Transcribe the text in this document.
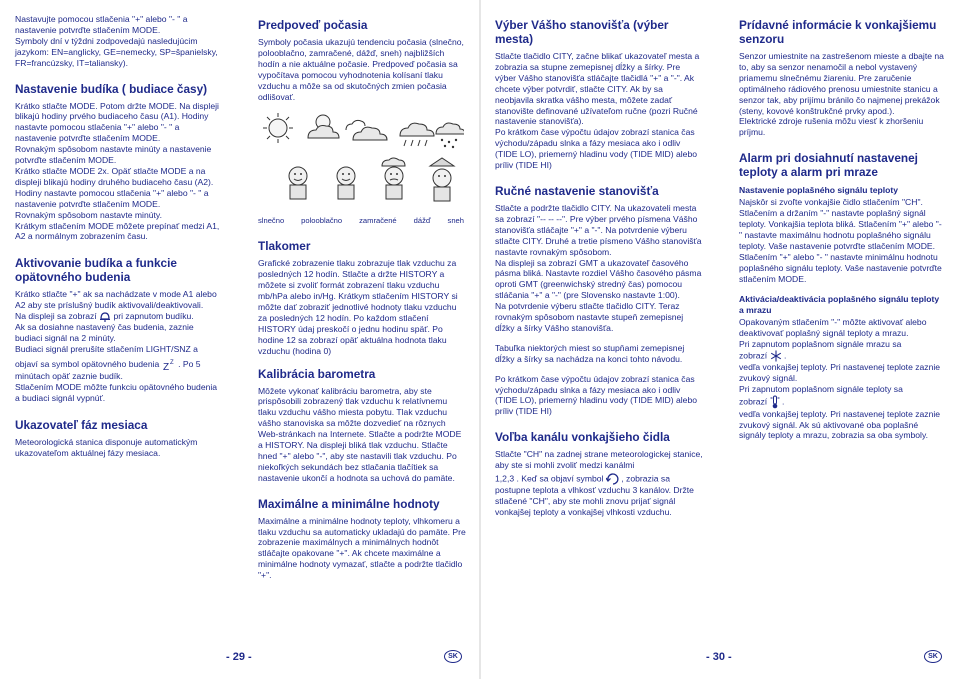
Nastavujte pomocou stlačenia "+" alebo "- " a nastavenie potvrďte stlačením MODE.

Symboly dní v týždni zodpovedajú nasledujúcim jazykom: EN=anglicky, GE=nemecky, SP=španielsky, FR=francúzsky, IT=taliansky).

Nastavenie budíka ( budiace časy)

Krátko stlačte MODE. Potom držte MODE. Na displeji blikajú hodiny prvého budiaceho času (A1). Hodiny nastavte pomocou stlačenia "+" alebo "- " a nastavenie potvrďte stlačením MODE.

Rovnakým spôsobom nastavte minúty a nastavenie potvrďte stlačením MODE.

Krátko stlačte MODE 2x. Opäť stlačte MODE a na displeji blikajú hodiny druhého budiaceho času (A2). Hodiny nastavte pomocou stlačenia "+" alebo "- " a nastavenie potvrďte stlačením MODE.

Rovnakým spôsobom nastavte minúty.

Krátkym stlačením MODE môžete prepínať medzi A1, A2 a normálnym zobrazením času.

Aktivovanie budíka a funkcie opätovného budenia

Krátko stlačte "+" ak sa nachádzate v mode A1 alebo A2 aby ste príslušný budík aktivovali/deaktivovali.

Na displeji sa zobrazí pri zapnutom budíku.

Ak sa dosiahne nastavený čas budenia, zaznie budiaci signál na 2 minúty.

Budiaci signál prerušíte stlačením LIGHT/SNZ a

objaví sa symbol opätovného budenia Z Z . Po 5 minútach opäť zaznie budík.

Stlačením MODE môžte funkciu opätovného budenia a budiaci signál vypnúť.

Ukazovateľ fáz mesiaca

Meteorologická stanica disponuje automatickým ukazovateľom aktuálnej fázy mesiaca.

Predpoveď počasia

Symboly počasia ukazujú tendenciu počasia (slnečno, polooblačno, zamračené, dážď, sneh) najbližších hodín a nie aktuálne počasie. Predpoveď počasia sa vypočítava pomocou vyhodnotenia kolísaní tlaku vzduchu a môže sa od skutočných zmien počasia odlišovať.

slnečno polooblačno zamračené dážď sneh
Tlakomer

Grafické zobrazenie tlaku zobrazuje tlak vzduchu za posledných 12 hodín. Stlačte a držte HISTORY a môžete si zvoliť formát zobrazení tlaku vzduchu mb/hPa alebo in/Hg. Krátkym stlačením HISTORY si môžte dať zobraziť jednotlivé hodnoty tlaku vzduchu za posledných 12 hodín. Po každom stlačení HISTORY údaj preskočí o jednu hodinu späť. Po hodine 12 sa zobrazí opäť aktuálna hodnota tlaku vzduchu (hodina 0)

Kalibrácia barometra

Môžete vykonať kalibráciu barometra, aby ste prispôsobili zobrazený tlak vzduchu k relatívnemu tlaku vzduchu vášho miesta pobytu. Tlak vzduchu vášho stanoviska sa môžte dozvedieť na rôznych Web-stránkach na Internete. Stlačte a podržte MODE a HISTORY. Na displeji bliká tlak vzduchu. Stlačte hned "+" alebo "-", aby ste nastavili tlak vzduchu. Po niekoľkých sekundách bez stlačania tlačítiek sa nastavenie ukončí a hodnota sa uchová do pamäte.

Maximálne a minimálne hodnoty

Maximálne a minimálne hodnoty teploty, vlhkomeru a tlaku vzduchu sa automaticky ukladajú do pamäte. Pre zobrazenie maximálnych a minimálnych hodnôt stláčajte opakovane "+". Ak chcete maximálne a minimálne hodnoty vymazať, stlačte a podržte tlačidlo "+".

- 29 -	SK
Výber Vášho stanovišťa (výber mesta)

Stlačte tlačidlo CITY, začne blikať ukazovateľ mesta a zobrazia sa stupne zemepisnej dĺžky a šírky. Pre výber Vášho stanovišťa stláčajte tlačidlá "+" a "-". Ak chcete výber potvrdiť, stlačte CITY. Ak by sa neobjavila skratka vášho mesta, môžete zadať stanovište definované užívateľom ručne (pozri Ručné nastavenie stanovišťa).

Po krátkom čase výpočtu údajov zobrazí stanica čas východu/západu slnka a fázy mesiaca ako i odliv (TIDE LO), priemerný hladinu vody (TIDE MID) alebo príliv (TIDE HI)

Ručné nastavenie stanovišťa

Stlačte a podržte tlačidlo CITY. Na ukazovateli mesta sa zobrazí "-- -- --". Pre výber prvého písmena Vášho stanovišťa stláčajte "+" a "-". Na potvrdenie výberu stlačte CITY. Druhé a tretie písmeno Vášho stanovišťa nastavte rovnakým spôsobom.

Na displeji sa zobrazí GMT a ukazovateľ časového pásma bliká. Nastavte rozdiel Vášho časového pásma oproti GMT (greenwichský stredný čas) pomocou stláčania "+" a "-" (pre Slovensko nastavte 1:00).

Na potvrdenie výberu stlačte tlačidlo CITY. Teraz rovnakým spôsobom nastavte stupeň zemepisnej dĺžky a šírky Vášho stanovišťa.

Tabuľka niektorých miest so stupňami zemepisnej dĺžky a šírky sa nachádza na konci tohto návodu.

Po krátkom čase výpočtu údajov zobrazí stanica čas východu/západu slnka a fázy mesiaca ako i odliv (TIDE LO), priemerný hladinu vody (TIDE MID) alebo príliv (TIDE HI)

Voľba kanálu vonkajšieho čidla

Stlačte "CH" na zadnej strane meteorologickej stanice, aby ste si mohli zvoliť medzi kanálmi

1,2,3 . Keď sa objaví symbol , zobrazia sa postupne teplota a vlhkosť vzduchu 3 kanálov. Držte stlačené "CH", aby ste mohli znovu prijať signál vonkajšej teploty a vonkajšej vlhkosti vzduchu.

Prídavné informácie k vonkajšiemu senzoru

Senzor umiestnite na zastrešenom mieste a dbajte na to, aby sa senzor nenamočil a nebol vystavený priamemu slnečnému žiareniu. Pre zaručenie optimálneho rádiového prenosu umiestnite stanicu a senzor tak, aby prijímu bránilo čo najmenej prekážok (steny, kovové konštrukčné prvky apod.).

Elektrické zdroje rušenia môžu viesť k zhoršeniu príjmu.

Alarm pri dosiahnutí nastavenej teploty a alarm pri mraze
Nastavenie poplašného signálu teploty

Najskôr si zvoľte vonkajšie čidlo stlačením "CH". Stlačením a držaním "-" nastavte poplašný signál teploty. Vonkajšia teplota bliká. Stlačením "+" alebo "- " nastavte maximálnu hodnotu poplašného signálu teploty. Vaše nastavenie potvrďte stlačením MODE. Stlačením "+" alebo "- " nastavte minimálnu hodnotu poplašného signálu teploty. Vaše nastavenie potvrďte stlačením MODE.

Aktivácia/deaktivácia poplašného signálu teploty a mrazu

Opakovaným stlačením "-" môžte aktivovať alebo deaktivovať poplašný signál teploty a mrazu.

Pri zapnutom poplašnom signále mrazu sa

zobrazí .

vedľa vonkajšej teploty. Pri nastavenej teplote zaznie zvukový signál.

Pri zapnutom poplašnom signále teploty sa

zobrazí .

vedľa vonkajšej teploty. Pri nastavenej teplote zaznie zvukový signál. Ak sú aktivované oba poplašné signály teploty a mrazu, zobrazia sa oba symboly.

- 30 -	SK
